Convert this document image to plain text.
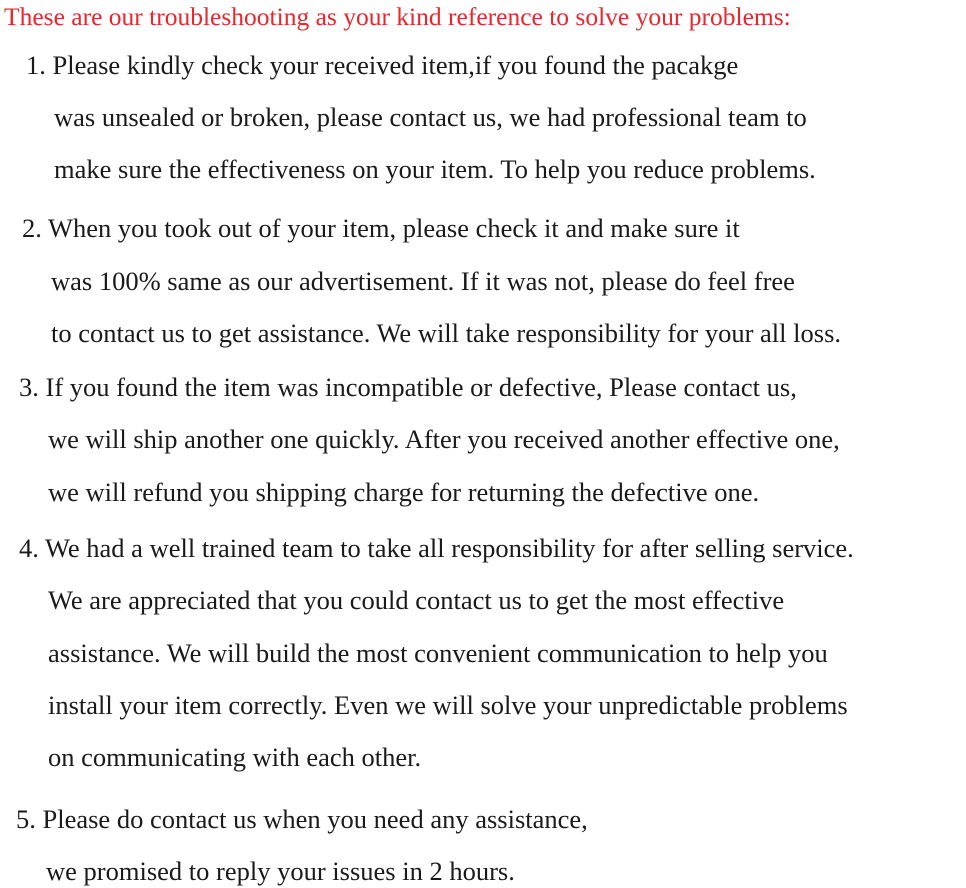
These are our troubleshooting as your kind reference to solve your problems:
1. Please kindly check your received item,if you found the pacakge
was unsealed or broken, please contact us, we had professional team to
make sure the effectiveness on your item. To help you reduce problems.
2. When you took out of your item, please check it and make sure it
was 100% same as our advertisement. If it was not, please do feel free
to contact us to get assistance. We will take responsibility for your all loss.
3. If you found the item was incompatible or defective, Please contact us,
we will ship another one quickly. After you received another effective one,
we will refund you shipping charge for returning the defective one.
4. We had a well trained team to take all responsibility for after selling service.
We are appreciated that you could contact us to get the most effective
assistance. We will build the most convenient communication to help you
install your item correctly. Even we will solve your unpredictable problems
on communicating with each other.
5. Please do contact us when you need any assistance,
we promised to reply your issues in 2 hours.
